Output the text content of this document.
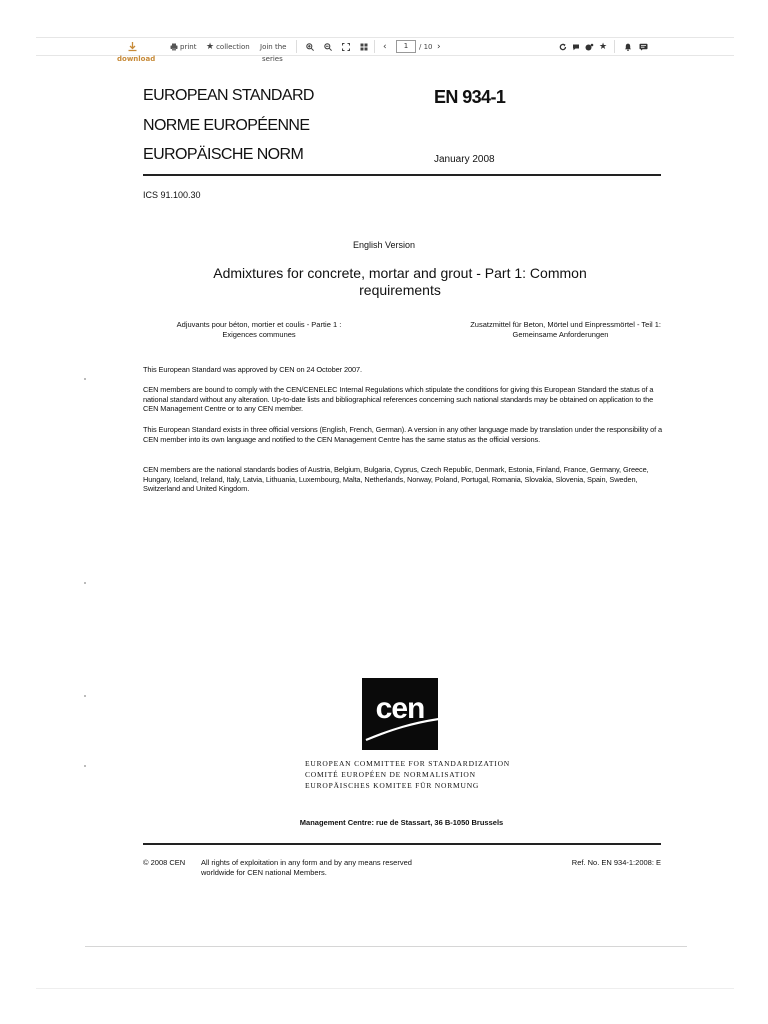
print ★ collection Join the	‹	1	/ 10 ›	★
download	series
EUROPEAN STANDARD
NORME EUROPÉENNE
EUROPÄISCHE NORM
EN 934-1
January 2008
ICS 91.100.30
English Version
Admixtures for concrete, mortar and grout - Part 1: Common requirements
Adjuvants pour béton, mortier et coulis - Partie 1 :
Exigences communes
Zusatzmittel für Beton, Mörtel und Einpressmörtel - Teil 1:
Gemeinsame Anforderungen
This European Standard was approved by CEN on 24 October 2007.
CEN members are bound to comply with the CEN/CENELEC Internal Regulations which stipulate the conditions for giving this European Standard the status of a national standard without any alteration. Up-to-date lists and bibliographical references concerning such national standards may be obtained on application to the CEN Management Centre or to any CEN member.
This European Standard exists in three official versions (English, French, German). A version in any other language made by translation under the responsibility of a CEN member into its own language and notified to the CEN Management Centre has the same status as the official versions.
CEN members are the national standards bodies of Austria, Belgium, Bulgaria, Cyprus, Czech Republic, Denmark, Estonia, Finland, France, Germany, Greece, Hungary, Iceland, Ireland, Italy, Latvia, Lithuania, Luxembourg, Malta, Netherlands, Norway, Poland, Portugal, Romania, Slovakia, Slovenia, Spain, Sweden, Switzerland and United Kingdom.
cen
EUROPEAN COMMITTEE FOR STANDARDIZATION
COMITÉ EUROPÉEN DE NORMALISATION
EUROPÄISCHES KOMITEE FÜR NORMUNG
Management Centre: rue de Stassart, 36 B-1050 Brussels
© 2008 CEN All rights of exploitation in any form and by any means reserved
worldwide for CEN national Members.
Ref. No. EN 934-1:2008: E
